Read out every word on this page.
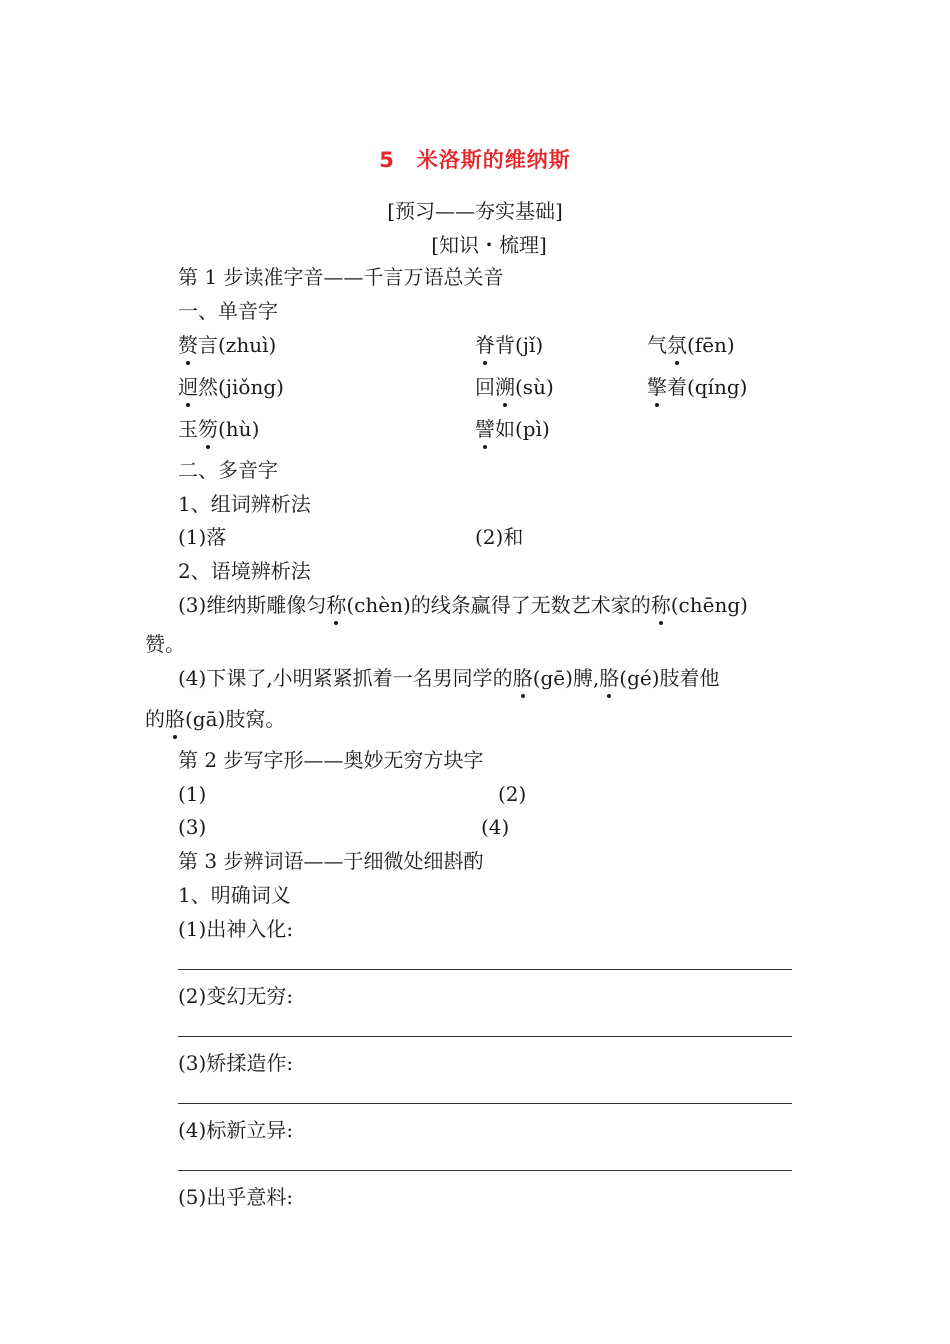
5　米洛斯的维纳斯
[预习——夯实基础]
[知识・梳理]
第 1 步读准字音——千言万语总关音
一、单音字
赘言(zhuì)	脊背(jǐ)	气氛(fēn)
迥然(jiǒng)	回溯(sù)	擎着(qíng)
玉笏(hù)	譬如(pì)
二、多音字
1、组词辨析法
(1)落	(2)和
2、语境辨析法
(3)维纳斯雕像匀称(chèn)的线条赢得了无数艺术家的称(chēng)
赞。
(4)下课了,小明紧紧抓着一名男同学的胳(gē)膊,胳(gé)肢着他
的胳(gā)肢窝。
第 2 步写字形——奥妙无穷方块字
(1)	(2)
(3)	(4)
第 3 步辨词语——于细微处细斟酌
1、明确词义
(1)出神入化:
(2)变幻无穷:
(3)矫揉造作:
(4)标新立异:
(5)出乎意料:
